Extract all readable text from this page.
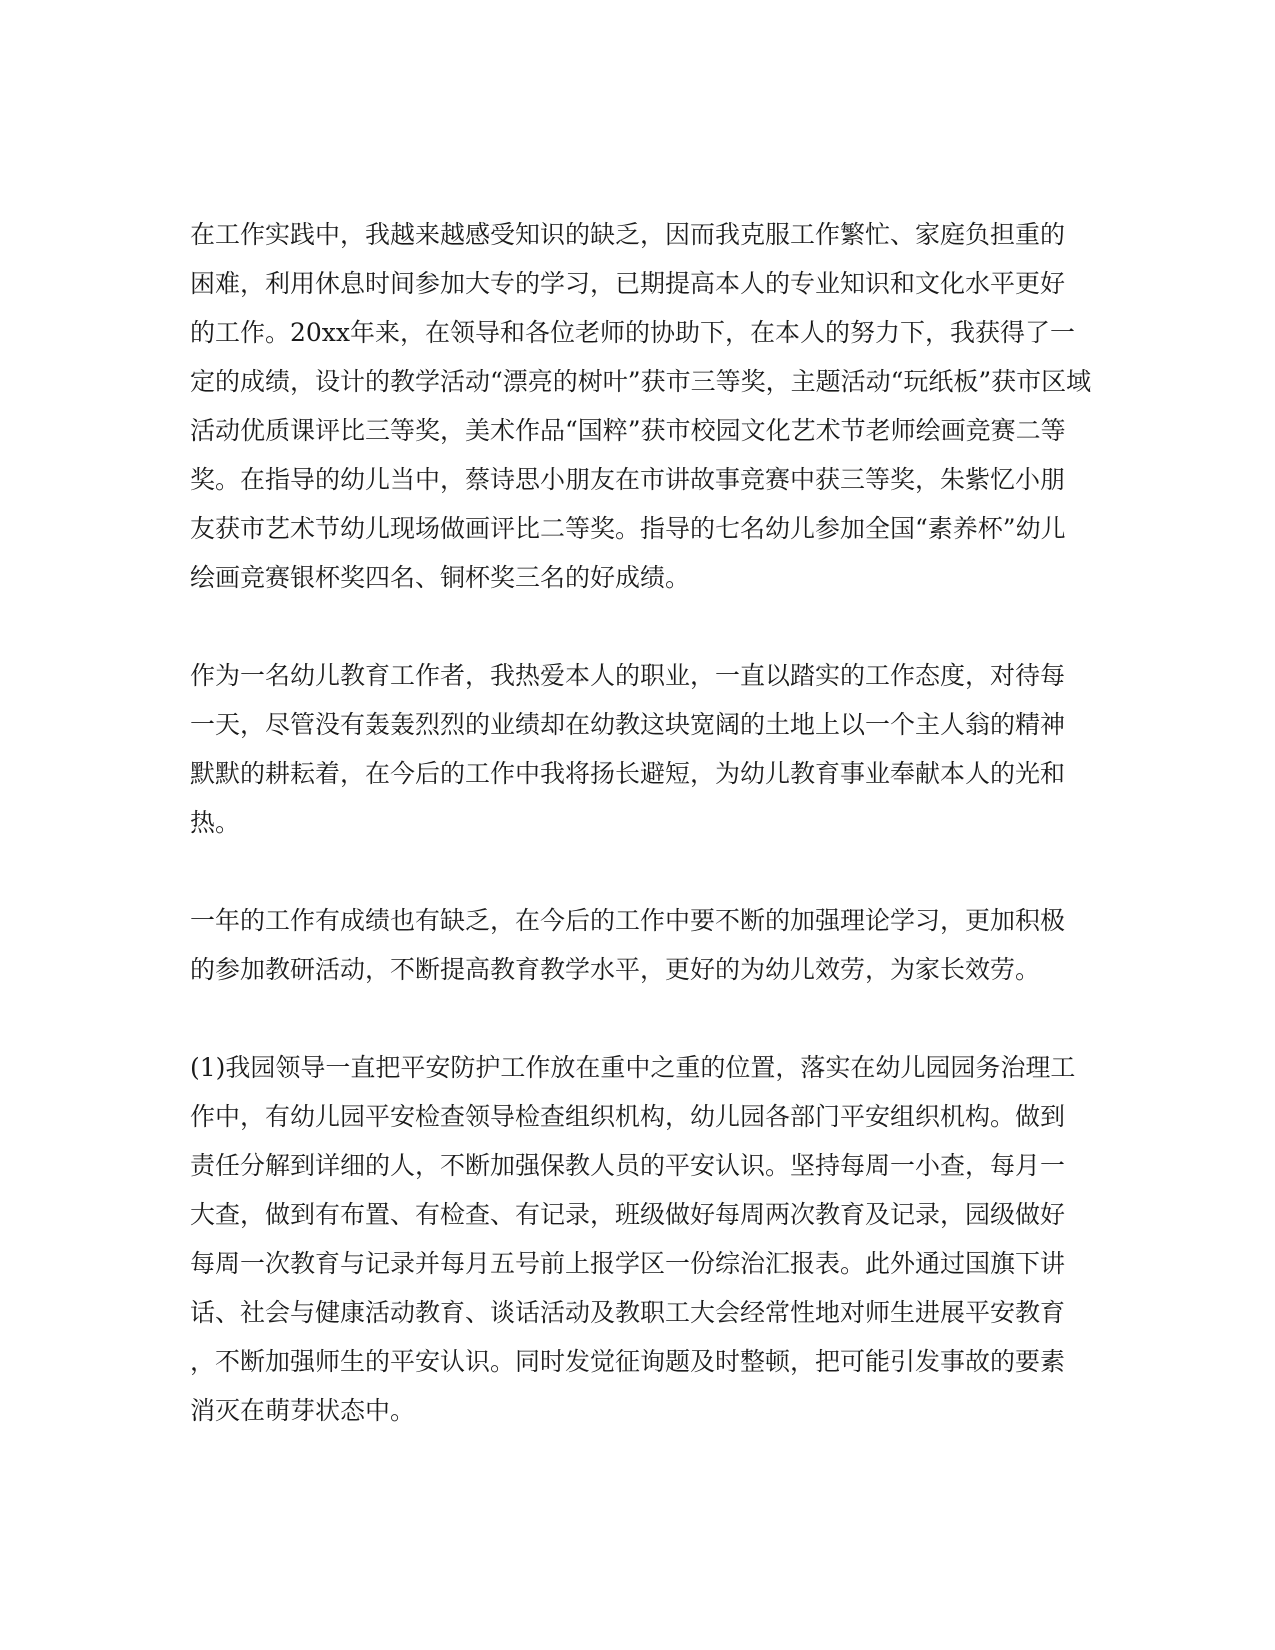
在工作实践中，我越来越感受知识的缺乏，因而我克服工作繁忙、家庭负担重的
困难，利用休息时间参加大专的学习，已期提高本人的专业知识和文化水平更好
的工作。20xx年来，在领导和各位老师的协助下，在本人的努力下，我获得了一
定的成绩，设计的教学活动“漂亮的树叶”获市三等奖，主题活动“玩纸板”获市区域
活动优质课评比三等奖，美术作品“国粹”获市校园文化艺术节老师绘画竞赛二等
奖。在指导的幼儿当中，蔡诗思小朋友在市讲故事竞赛中获三等奖，朱紫忆小朋
友获市艺术节幼儿现场做画评比二等奖。指导的七名幼儿参加全国“素养杯”幼儿
绘画竞赛银杯奖四名、铜杯奖三名的好成绩。
作为一名幼儿教育工作者，我热爱本人的职业，一直以踏实的工作态度，对待每
一天，尽管没有轰轰烈烈的业绩却在幼教这块宽阔的土地上以一个主人翁的精神
默默的耕耘着，在今后的工作中我将扬长避短，为幼儿教育事业奉献本人的光和
热。
一年的工作有成绩也有缺乏，在今后的工作中要不断的加强理论学习，更加积极
的参加教研活动，不断提高教育教学水平，更好的为幼儿效劳，为家长效劳。
(1)我园领导一直把平安防护工作放在重中之重的位置，落实在幼儿园园务治理工
作中，有幼儿园平安检查领导检查组织机构，幼儿园各部门平安组织机构。做到
责任分解到详细的人，不断加强保教人员的平安认识。坚持每周一小查，每月一
大查，做到有布置、有检查、有记录，班级做好每周两次教育及记录，园级做好
每周一次教育与记录并每月五号前上报学区一份综治汇报表。此外通过国旗下讲
话、社会与健康活动教育、谈话活动及教职工大会经常性地对师生进展平安教育
，不断加强师生的平安认识。同时发觉征询题及时整顿，把可能引发事故的要素
消灭在萌芽状态中。
